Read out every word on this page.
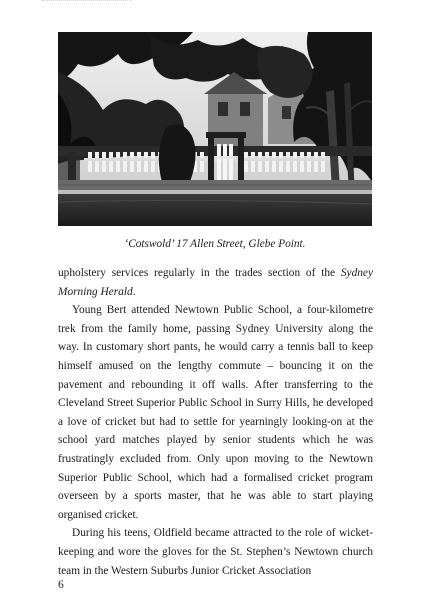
‘Cotswold’ 17 Allen Street, Glebe Point.

upholstery services regularly in the trades section of the Sydney Morning Herald.

Young Bert attended Newtown Public School, a four-kilometre trek from the family home, passing Sydney University along the way. In customary short pants, he would carry a tennis ball to keep himself amused on the lengthy commute – bouncing it on the pavement and rebounding it off walls. After transferring to the Cleveland Street Superior Public School in Surry Hills, he developed a love of cricket but had to settle for yearningly looking-on at the school yard matches played by senior students which he was frustratingly excluded from. Only upon moving to the Newtown Superior Public School, which had a formalised cricket program overseen by a sports master, that he was able to start playing organised cricket.

During his teens, Oldfield became attracted to the role of wicket-keeping and wore the gloves for the St. Stephen’s Newtown church team in the Western Suburbs Junior Cricket Association

6
